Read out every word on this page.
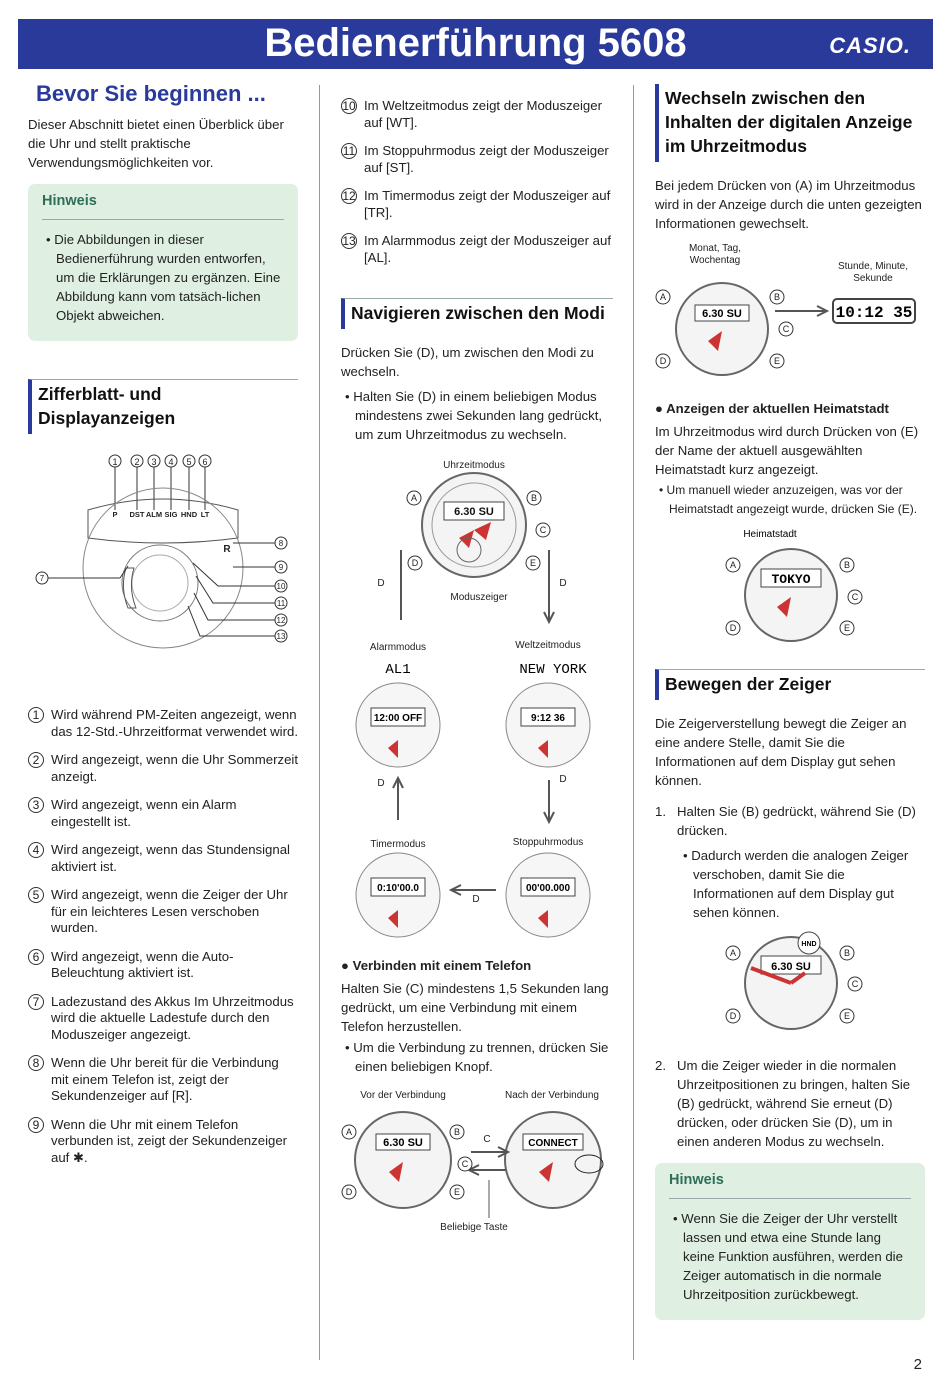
Bedienerführung 5608	CASIO.
Bevor Sie beginnen ...

Dieser Abschnitt bietet einen Überblick über die Uhr und stellt praktische Verwendungsmöglichkeiten vor.

Hinweis
• Die Abbildungen in dieser Bedienerführung wurden entworfen, um die Erklärungen zu ergänzen. Eine Abbildung kann vom tatsäch-lichen Objekt abweichen.
Zifferblatt- und Displayanzeigen
1 2 3 4 5 6
P DST ALM SIG HND LT
R
7
8
9
10
11
12
13
1 Wird während PM-Zeiten angezeigt, wenn das 12-Std.-Uhrzeitformat verwendet wird.
2 Wird angezeigt, wenn die Uhr Sommerzeit anzeigt.
3 Wird angezeigt, wenn ein Alarm eingestellt ist.
4 Wird angezeigt, wenn das Stundensignal aktiviert ist.
5 Wird angezeigt, wenn die Zeiger der Uhr für ein leichteres Lesen verschoben wurden.
6 Wird angezeigt, wenn die Auto-Beleuchtung aktiviert ist.
7 Ladezustand des Akkus Im Uhrzeitmodus wird die aktuelle Ladestufe durch den Moduszeiger angezeigt.
8 Wenn die Uhr bereit für die Verbindung mit einem Telefon ist, zeigt der Sekundenzeiger auf [R].
9 Wenn die Uhr mit einem Telefon verbunden ist, zeigt der Sekundenzeiger auf ✱.
10 Im Weltzeitmodus zeigt der Moduszeiger auf [WT].
11 Im Stoppuhrmodus zeigt der Moduszeiger auf [ST].
12 Im Timermodus zeigt der Moduszeiger auf [TR].
13 Im Alarmmodus zeigt der Moduszeiger auf [AL].
Navigieren zwischen den Modi

Drücken Sie (D), um zwischen den Modi zu wechseln.

• Halten Sie (D) in einem beliebigen Modus mindestens zwei Sekunden lang gedrückt, um zum Uhrzeitmodus zu wechseln.
Uhrzeitmodus
Moduszeiger
Alarmmodus	Weltzeitmodus
Timermodus	Stoppuhrmodus
D	D
D	D
D
6.30 SU
A	B
C
D	E
AL1	NEW YORK
12:00 OFF	9:12 36
0:10'00.0	00'00.000
● Verbinden mit einem Telefon

Halten Sie (C) mindestens 1,5 Sekunden lang gedrückt, um eine Verbindung mit einem Telefon herzustellen.

• Um die Verbindung zu trennen, drücken Sie einen beliebigen Knopf.
Vor der Verbindung	Nach der Verbindung
C
Beliebige Taste
6.30 SU	CONNECT
A	B
C
D	E
Wechseln zwischen den Inhalten der digitalen Anzeige im Uhrzeitmodus

Bei jedem Drücken von (A) im Uhrzeitmodus wird in der Anzeige durch die unten gezeigten Informationen gewechselt.

Monat, Tag,
Wochentag
Stunde, Minute,
Sekunde
6.30 SU	10:12 35
A	B
C
D	E
● Anzeigen der aktuellen Heimatstadt

Im Uhrzeitmodus wird durch Drücken von (E) der Name der aktuell ausgewählten Heimatstadt kurz angezeigt.

• Um manuell wieder anzuzeigen, was vor der Heimatstadt angezeigt wurde, drücken Sie (E).
Heimatstadt
TOKYO
A	B
C
D	E
Bewegen der Zeiger

Die Zeigerverstellung bewegt die Zeiger an eine andere Stelle, damit Sie die Informationen auf dem Display gut sehen können.

1. Halten Sie (B) gedrückt, während Sie (D) drücken.
• Dadurch werden die analogen Zeiger verschoben, damit Sie die Informationen auf dem Display gut sehen können.
6.30 SU
HND
A	B
C
D	E
2. Um die Zeiger wieder in die normalen Uhrzeitpositionen zu bringen, halten Sie (B) gedrückt, während Sie erneut (D) drücken, oder drücken Sie (D), um in einen anderen Modus zu wechseln.
Hinweis
• Wenn Sie die Zeiger der Uhr verstellt lassen und etwa eine Stunde lang keine Funktion ausführen, werden die Zeiger automatisch in die normale Uhrzeitposition zurückbewegt.
2
